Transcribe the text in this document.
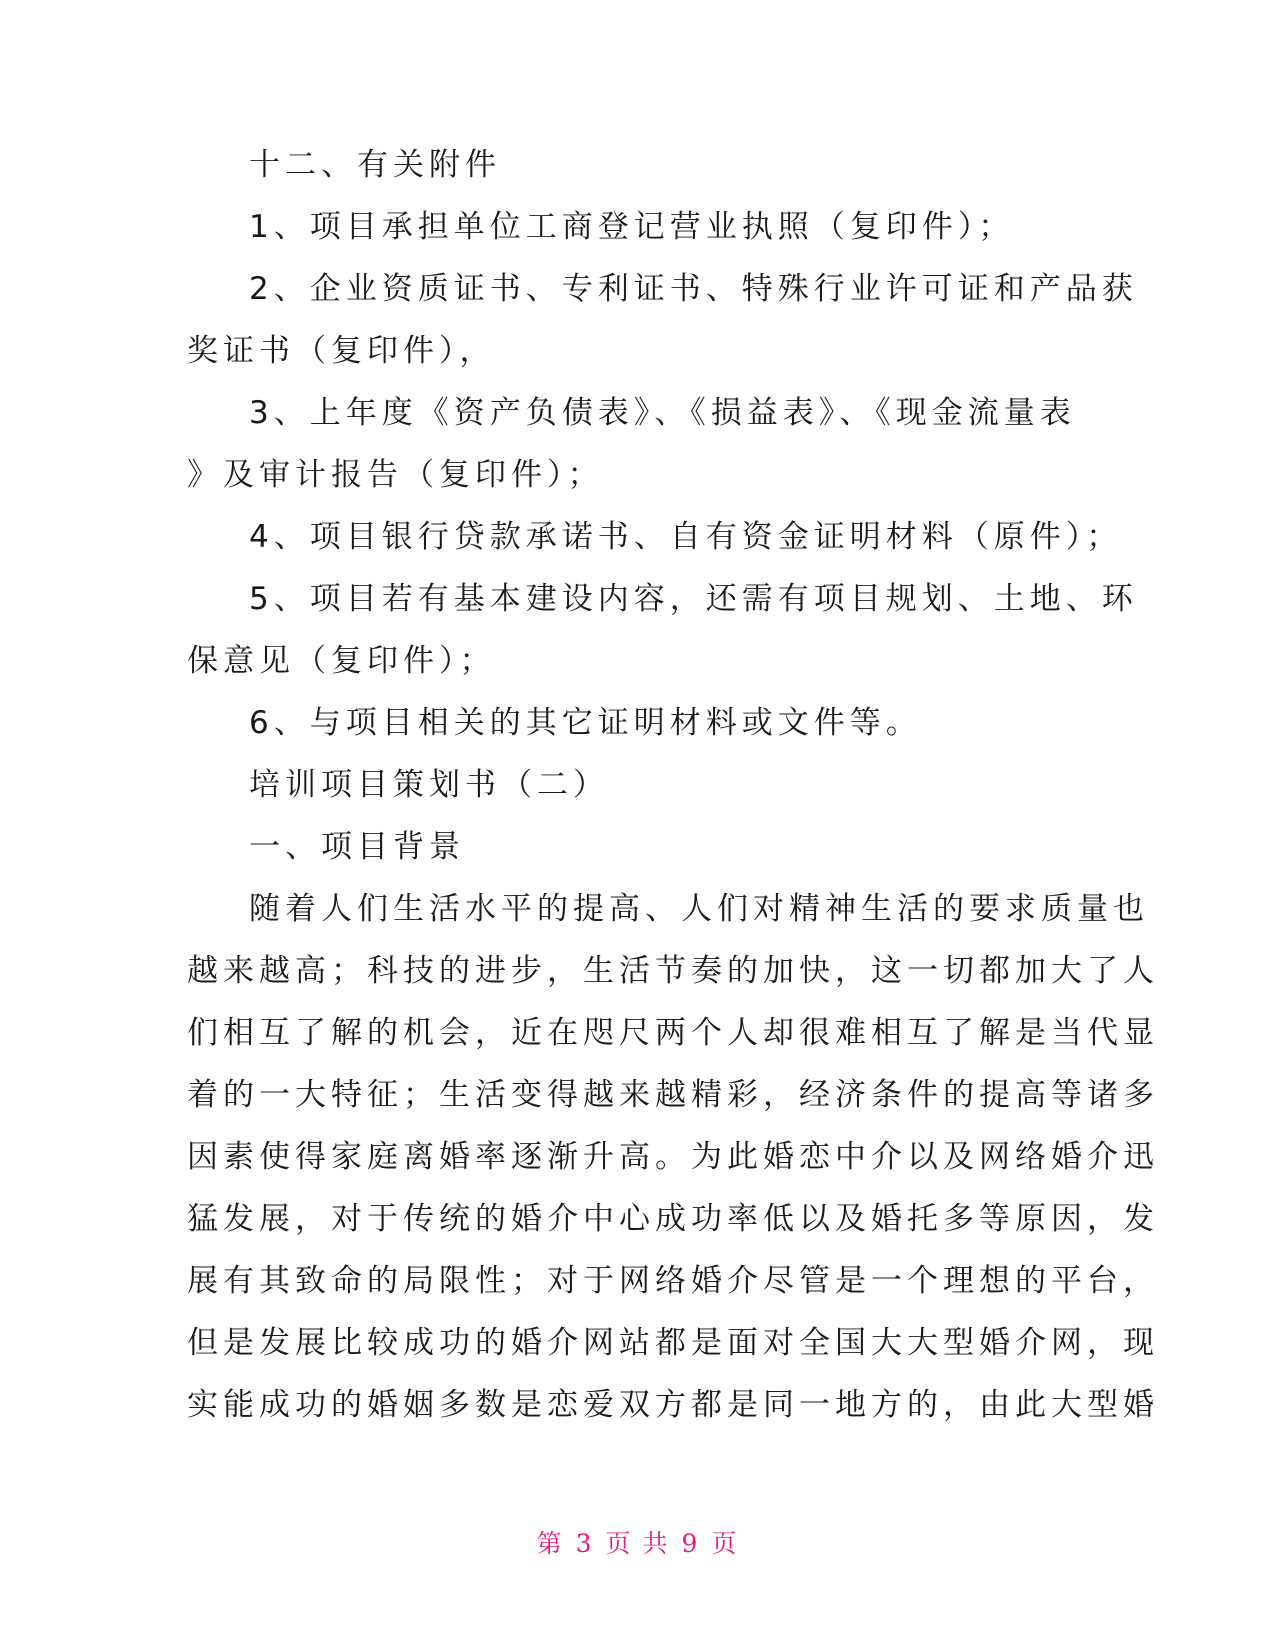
十二、有关附件
1、项目承担单位工商登记营业执照（复印件）；
2、企业资质证书、专利证书、特殊行业许可证和产品获
奖证书（复印件），
3、上年度《资产负债表》、《损益表》、《现金流量表
》及审计报告（复印件）；
4、项目银行贷款承诺书、自有资金证明材料（原件）；
5、项目若有基本建设内容，还需有项目规划、土地、环
保意见（复印件）；
6、与项目相关的其它证明材料或文件等。
培训项目策划书（二）
一、项目背景
随着人们生活水平的提高、人们对精神生活的要求质量也
越来越高；科技的进步，生活节奏的加快，这一切都加大了人
们相互了解的机会，近在咫尺两个人却很难相互了解是当代显
着的一大特征；生活变得越来越精彩，经济条件的提高等诸多
因素使得家庭离婚率逐渐升高。为此婚恋中介以及网络婚介迅
猛发展，对于传统的婚介中心成功率低以及婚托多等原因，发
展有其致命的局限性；对于网络婚介尽管是一个理想的平台，
但是发展比较成功的婚介网站都是面对全国大大型婚介网，现
实能成功的婚姻多数是恋爱双方都是同一地方的，由此大型婚
第 3 页 共 9 页
